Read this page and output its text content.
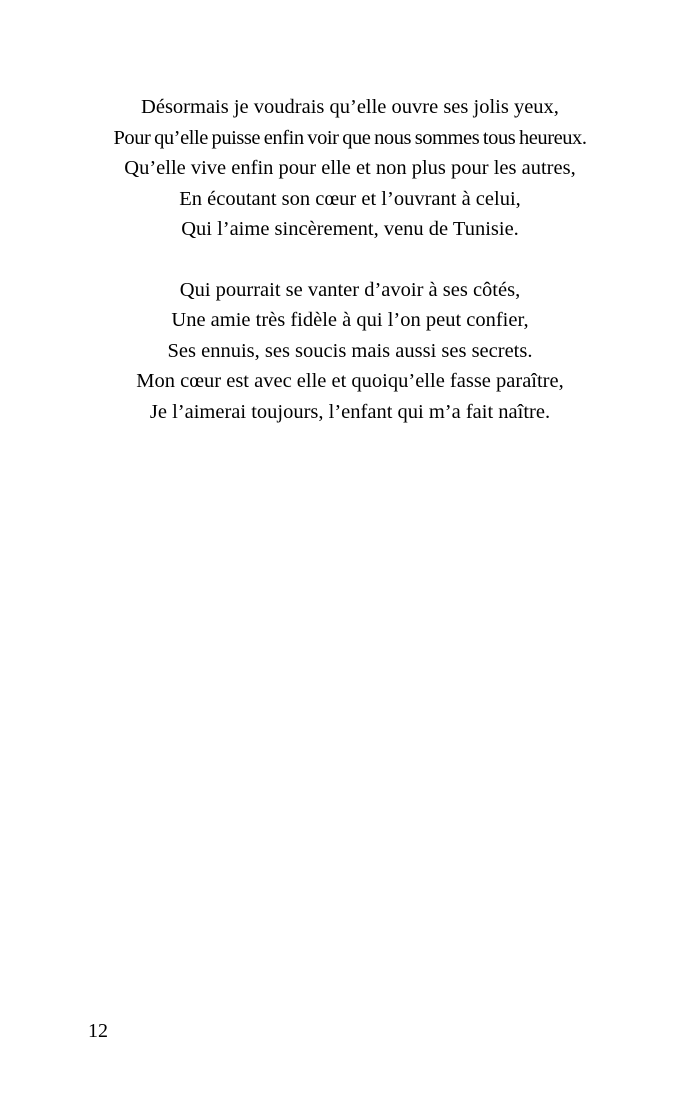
Désormais je voudrais qu’elle ouvre ses jolis yeux,
Pour qu’elle puisse enfin voir que nous sommes tous heureux.
Qu’elle vive enfin pour elle et non plus pour les autres,
En écoutant son cœur et l’ouvrant à celui,
Qui l’aime sincèrement, venu de Tunisie.
Qui pourrait se vanter d’avoir à ses côtés,
Une amie très fidèle à qui l’on peut confier,
Ses ennuis, ses soucis mais aussi ses secrets.
Mon cœur est avec elle et quoiqu’elle fasse paraître,
Je l’aimerai toujours, l’enfant qui m’a fait naître.
12
